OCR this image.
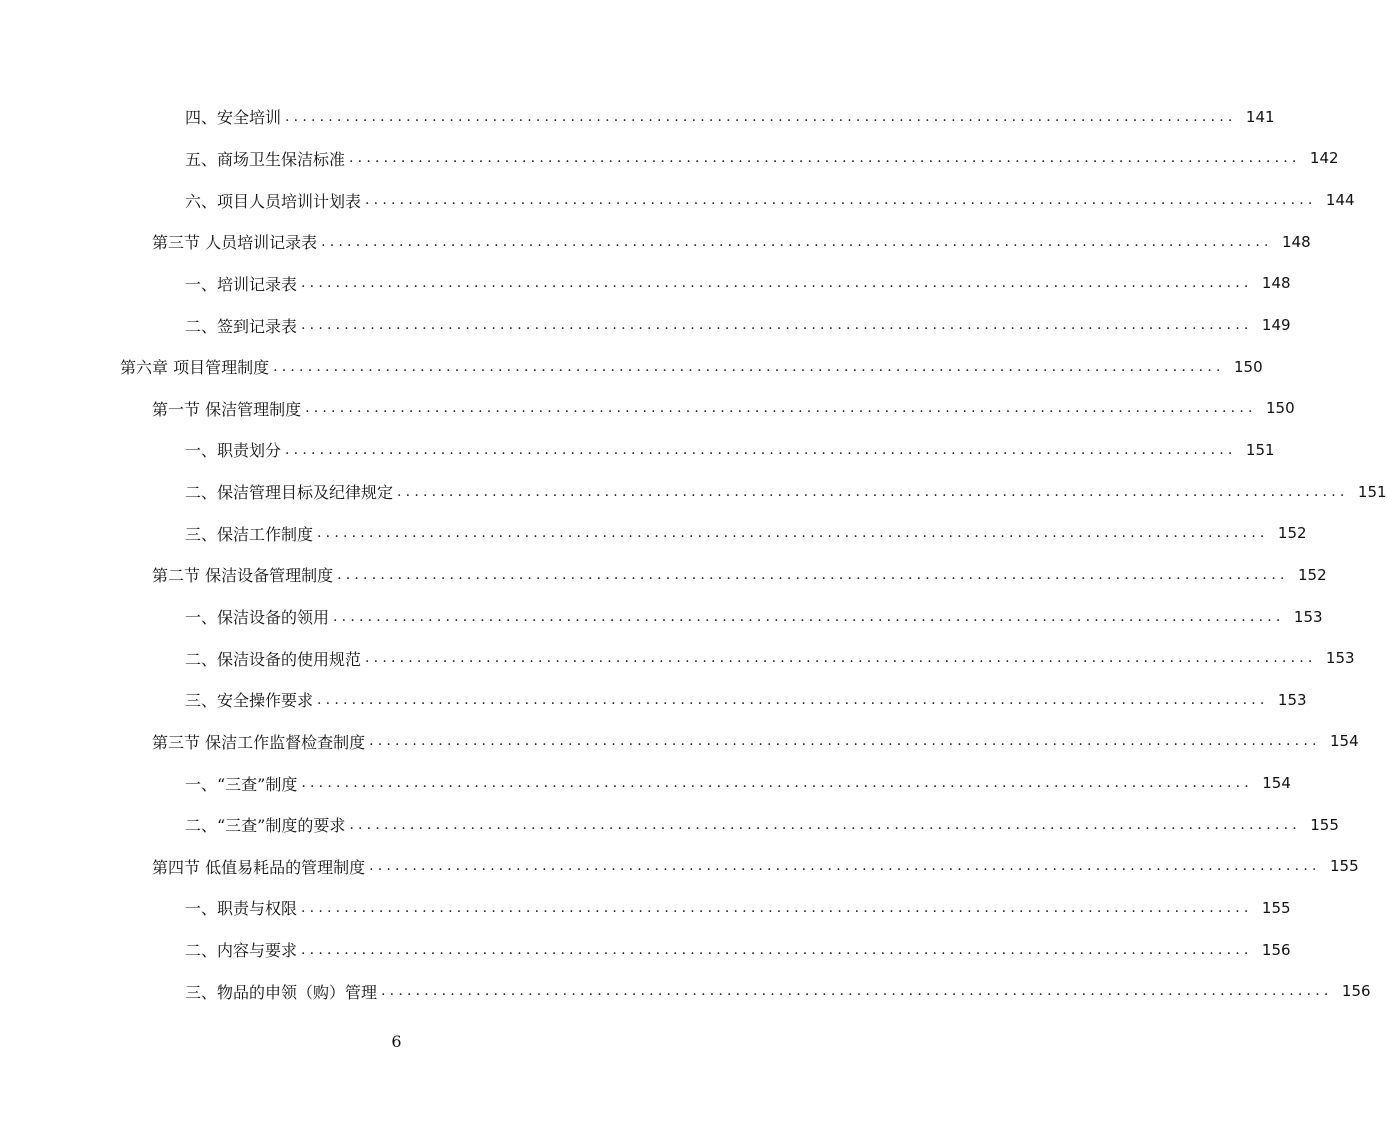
四、安全培训 .............................................................................................................. 141
五、商场卫生保洁标准 .............................................................................................................. 142
六、项目人员培训计划表 .............................................................................................................. 144
第三节 人员培训记录表 .............................................................................................................. 148
一、培训记录表 .............................................................................................................. 148
二、签到记录表 .............................................................................................................. 149
第六章 项目管理制度 .............................................................................................................. 150
第一节 保洁管理制度 .............................................................................................................. 150
一、职责划分 .............................................................................................................. 151
二、保洁管理目标及纪律规定 .............................................................................................................. 151
三、保洁工作制度 .............................................................................................................. 152
第二节 保洁设备管理制度 .............................................................................................................. 152
一、保洁设备的领用 .............................................................................................................. 153
二、保洁设备的使用规范 .............................................................................................................. 153
三、安全操作要求 .............................................................................................................. 153
第三节 保洁工作监督检查制度 .............................................................................................................. 154
一、“三查”制度 .............................................................................................................. 154
二、“三查”制度的要求 .............................................................................................................. 155
第四节 低值易耗品的管理制度 .............................................................................................................. 155
一、职责与权限 .............................................................................................................. 155
二、内容与要求 .............................................................................................................. 156
三、物品的申领（购）管理 .............................................................................................................. 156
6
